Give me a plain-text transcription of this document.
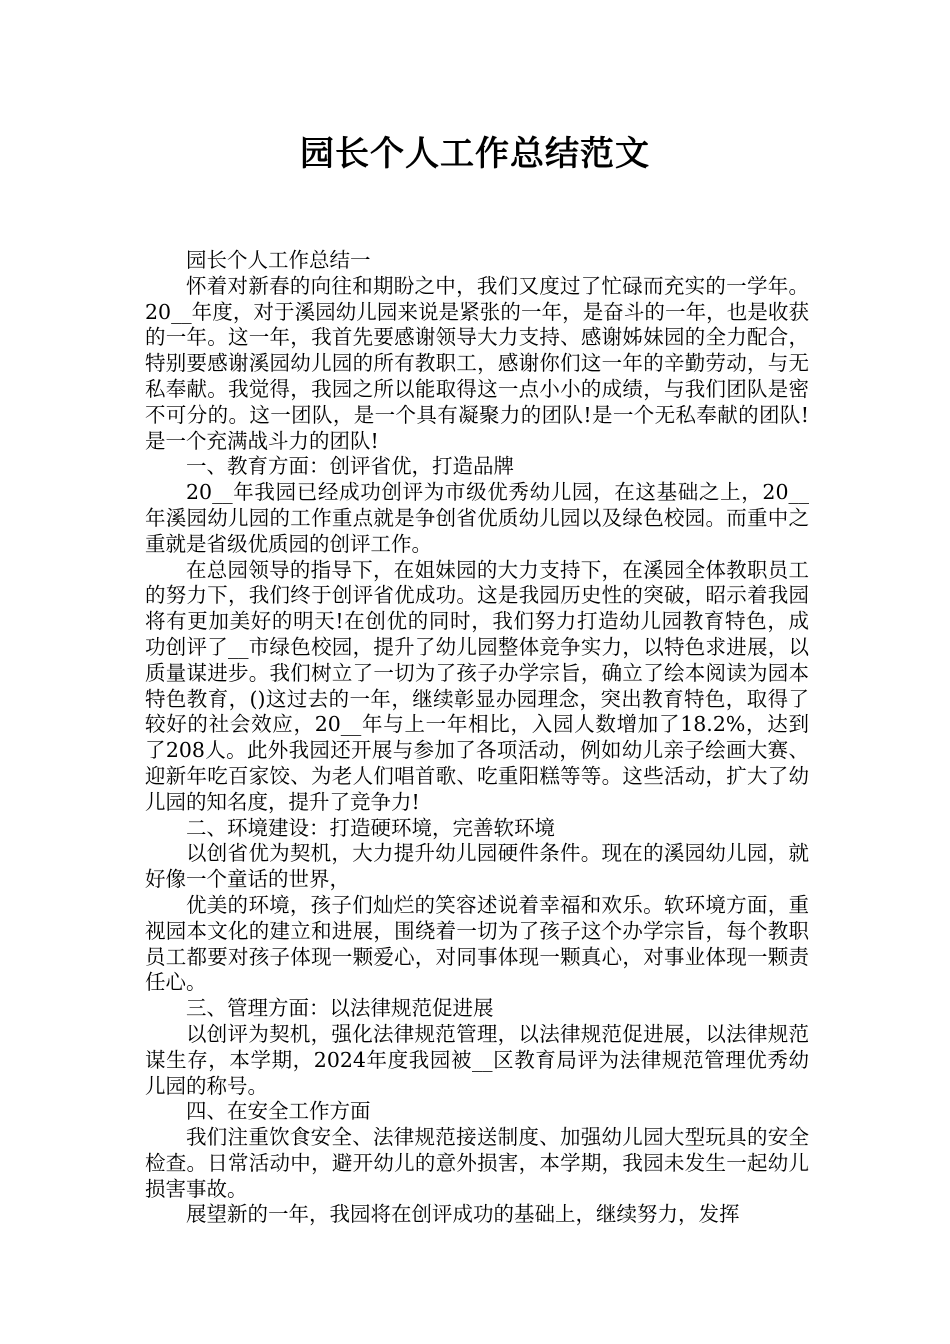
园长个人工作总结范文

园长个人工作总结一

怀着对新春的向往和期盼之中，我们又度过了忙碌而充实的一学年。20__年度，对于溪园幼儿园来说是紧张的一年，是奋斗的一年，也是收获的一年。这一年，我首先要感谢领导大力支持、感谢姊妹园的全力配合，特别要感谢溪园幼儿园的所有教职工，感谢你们这一年的辛勤劳动，与无私奉献。我觉得，我园之所以能取得这一点小小的成绩，与我们团队是密不可分的。这一团队，是一个具有凝聚力的团队!是一个无私奉献的团队!是一个充满战斗力的团队!

一、教育方面：创评省优，打造品牌

20__年我园已经成功创评为市级优秀幼儿园，在这基础之上，20__年溪园幼儿园的工作重点就是争创省优质幼儿园以及绿色校园。而重中之重就是省级优质园的创评工作。

在总园领导的指导下，在姐妹园的大力支持下，在溪园全体教职员工的努力下，我们终于创评省优成功。这是我园历史性的突破，昭示着我园将有更加美好的明天!在创优的同时，我们努力打造幼儿园教育特色，成功创评了__市绿色校园，提升了幼儿园整体竞争实力，以特色求进展，以质量谋进步。我们树立了一切为了孩子办学宗旨，确立了绘本阅读为园本特色教育，()这过去的一年，继续彰显办园理念，突出教育特色，取得了较好的社会效应，20__年与上一年相比，入园人数增加了18.2%，达到了208人。此外我园还开展与参加了各项活动，例如幼儿亲子绘画大赛、迎新年吃百家饺、为老人们唱首歌、吃重阳糕等等。这些活动，扩大了幼儿园的知名度，提升了竞争力!

二、环境建设：打造硬环境，完善软环境

以创省优为契机，大力提升幼儿园硬件条件。现在的溪园幼儿园，就好像一个童话的世界，

优美的环境，孩子们灿烂的笑容述说着幸福和欢乐。软环境方面，重视园本文化的建立和进展，围绕着一切为了孩子这个办学宗旨，每个教职员工都要对孩子体现一颗爱心，对同事体现一颗真心，对事业体现一颗责任心。

三、管理方面：以法律规范促进展

以创评为契机，强化法律规范管理，以法律规范促进展，以法律规范谋生存，本学期，2024年度我园被__区教育局评为法律规范管理优秀幼儿园的称号。

四、在安全工作方面

我们注重饮食安全、法律规范接送制度、加强幼儿园大型玩具的安全检查。日常活动中，避开幼儿的意外损害，本学期，我园未发生一起幼儿损害事故。

展望新的一年，我园将在创评成功的基础上，继续努力，发挥
